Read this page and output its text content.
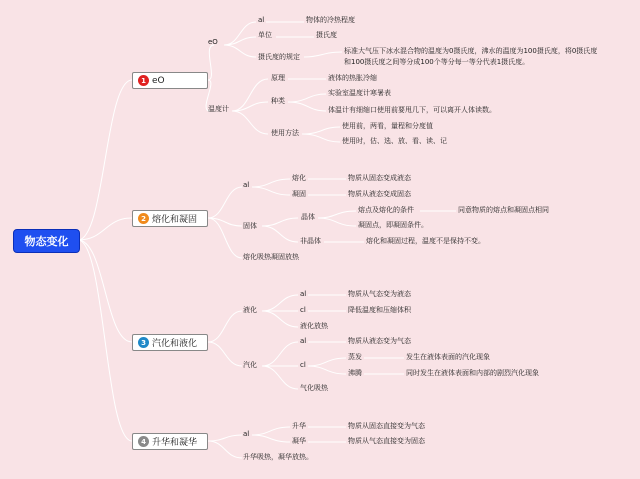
物态变化
1 eO
2 熔化和凝固
3 汽化和液化
4 升华和凝华
eO
al	物体的冷热程度
单位	摄氏度
摄氏度的规定
标准大气压下冰水混合物的温度为0摄氏度，沸水的温度为100摄氏度，将0摄氏度
和100摄氏度之间等分成100个等分每一等分代表1摄氏度。
温度计
原理	液体的热胀冷缩
种类
实验室温度计寒暑表
体温计有细缩口使用前要甩几下，可以离开人体读数。
使用方法
使用前，两看，量程和分度值
使用时，估、选、放、看、读、记
al
熔化	物质从固态变成液态
凝固	物质从液态变成固态
固体
晶体
熔点及熔化的条件	同意物质的熔点和凝固点相同
凝固点，即凝固条件。
非晶体	熔化和凝固过程，温度不是保持不变。
熔化吸热凝固放热
液化
al	物质从气态变为液态
cl	降低温度和压缩体积
液化放热
汽化
al	物质从液态变为气态
cl
蒸发	发生在液体表面的汽化现象
沸腾	同时发生在液体表面和内部的剧烈汽化现象
气化吸热
al
升华	物质从固态直接变为气态
凝华	物质从气态直接变为固态
升华吸热，凝华放热。
